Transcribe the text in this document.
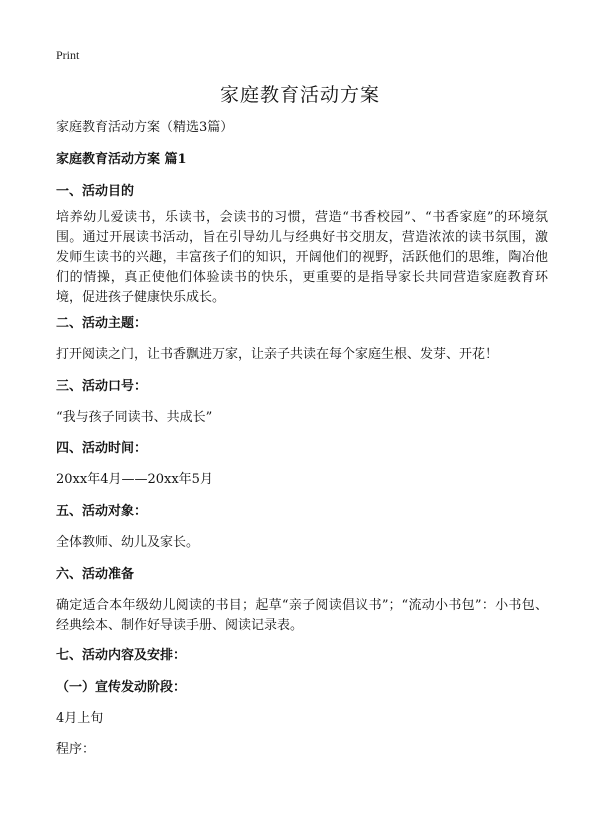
Print
家庭教育活动方案
家庭教育活动方案（精选3篇）
家庭教育活动方案 篇1
一、活动目的
培养幼儿爱读书，乐读书，会读书的习惯，营造“书香校园”、“书香家庭”的环境氛围。通过开展读书活动，旨在引导幼儿与经典好书交朋友，营造浓浓的读书氛围，激发师生读书的兴趣，丰富孩子们的知识，开阔他们的视野，活跃他们的思维，陶冶他们的情操，真正使他们体验读书的快乐，更重要的是指导家长共同营造家庭教育环境，促进孩子健康快乐成长。
二、活动主题：
打开阅读之门，让书香飘进万家，让亲子共读在每个家庭生根、发芽、开花！
三、活动口号：
“我与孩子同读书、共成长”
四、活动时间：
20xx年4月——20xx年5月
五、活动对象：
全体教师、幼儿及家长。
六、活动准备
确定适合本年级幼儿阅读的书目；起草“亲子阅读倡议书”；“流动小书包”：小书包、经典绘本、制作好导读手册、阅读记录表。
七、活动内容及安排：
（一）宣传发动阶段：
4月上旬
程序：
